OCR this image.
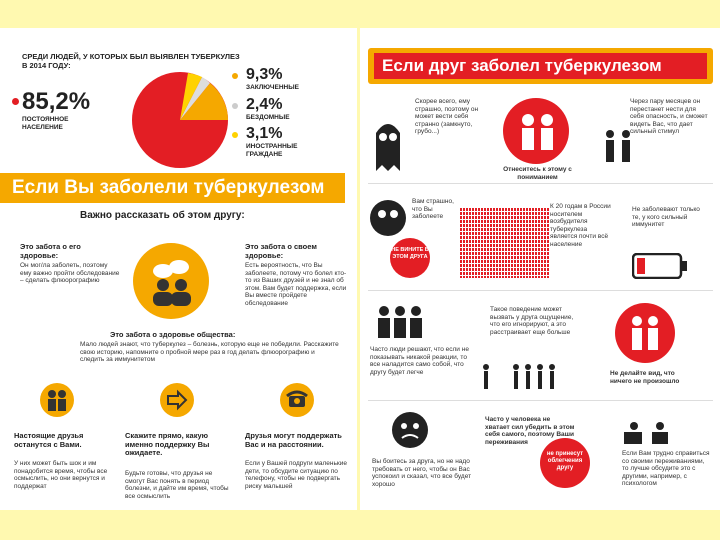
СРЕДИ ЛЮДЕЙ, У КОТОРЫХ БЫЛ ВЫЯВЛЕН ТУБЕРКУЛЕЗ В 2014 ГОДУ:
85,2%
ПОСТОЯННОЕ НАСЕЛЕНИЕ
9,3%
ЗАКЛЮЧЕННЫЕ
2,4%
БЕЗДОМНЫЕ
3,1%
ИНОСТРАННЫЕ ГРАЖДАНЕ
Если Вы заболели туберкулезом
Важно рассказать об этом другу:
Это забота о его здоровье:
Он мог/ла заболеть, поэтому ему важно пройти обследование – сделать флюорографию
Это забота о своем здоровье:
Есть вероятность, что Вы заболеете, потому что болел кто-то из Ваших друзей и не знал об этом. Вам будет поддержка, если Вы вместе пройдете обследование
Это забота о здоровье общества:
Мало людей знают, что туберкулез – болезнь, которую еще не победили. Расскажите свою историю, напомните о пробной мере раз в год делать флюорографию и следить за иммунитетом
Настоящие друзья останутся с Вами.
У них может быть шок и им понадобится время, чтобы все осмыслить, но они вернутся и поддержат
Скажите прямо, какую именно поддержку Вы ожидаете.
Будьте готовы, что друзья не смогут Вас понять в период болезни, и дайте им время, чтобы все осмыслить
Друзья могут поддержать Вас и на расстоянии.
Если у Вашей подруги маленькие дети, то обсудите ситуацию по телефону, чтобы не подвергать риску малышей
Если друг заболел туберкулезом
Скорее всего, ему страшно, поэтому он может вести себя странно (замкнуто, грубо...)
Отнеситесь к этому с пониманием
Через пару месяцев он перестанет нести для себя опасность, и сможет видеть Вас, что дает сильный стимул
Вам страшно, что Вы заболеете
НЕ ВИНИТЕ В ЭТОМ ДРУГА
К 20 годам в России носителем возбудителя туберкулеза является почти всё население
Не заболевают только те, у кого сильный иммунитет
Часто люди решают, что если не показывать никакой реакции, то все наладится само собой, что другу будет легче
Такое поведение может вызвать у друга ощущение, что его игнорируют, а это расстраивает еще больше
Не делайте вид, что ничего не произошло
Вы боитесь за друга, но не надо требовать от него, чтобы он Вас успокоил и сказал, что все будет хорошо
Часто у человека не хватает сил убедить в этом себя самого, поэтому Ваши переживания
не принесут облегчения другу
Если Вам трудно справиться со своими переживаниями, то лучше обсудите это с другими, например, с психологом
